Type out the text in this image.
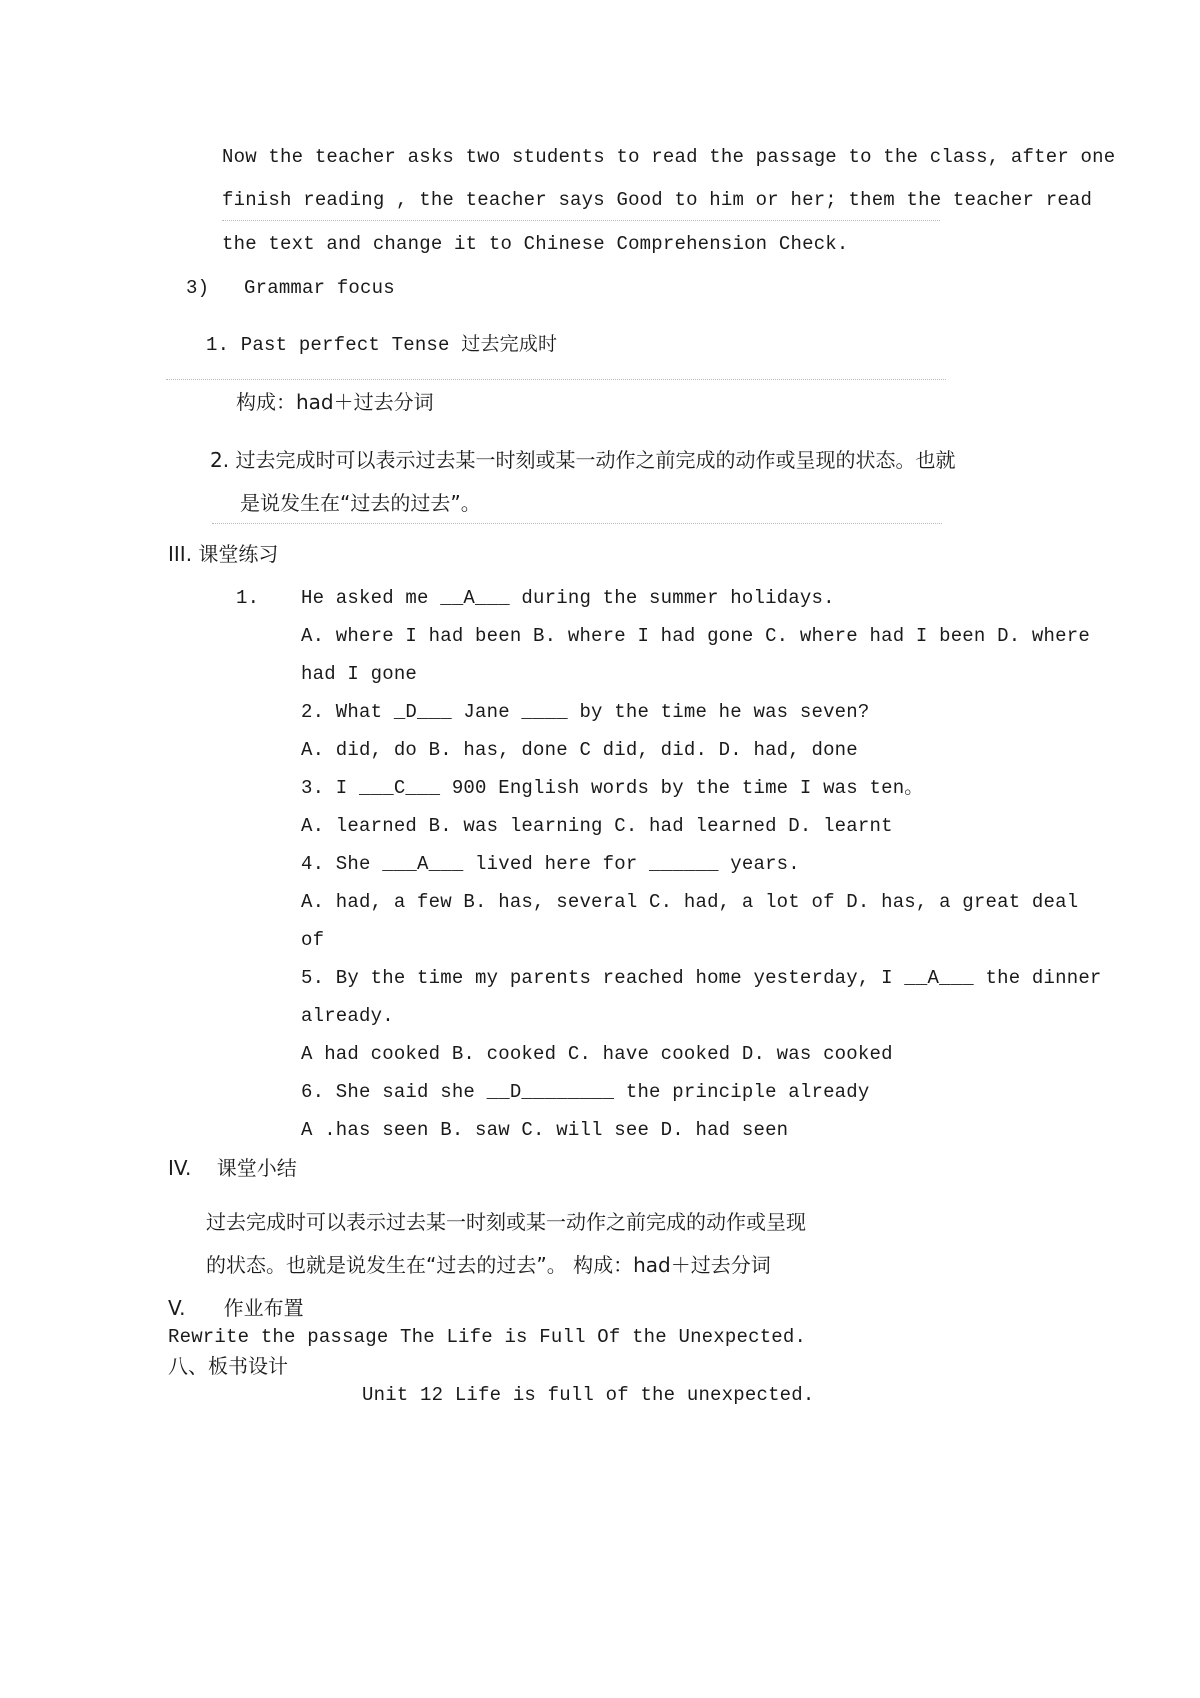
Now the teacher asks two students to read the passage to the class, after one
finish reading , the teacher says Good to him or her; them the teacher read
the text and change it to Chinese Comprehension Check.
3)   Grammar focus
1. Past perfect Tense 过去完成时
构成：had＋过去分词
2. 过去完成时可以表示过去某一时刻或某一动作之前完成的动作或呈现的状态。也就
是说发生在“过去的过去”。
III. 课堂练习
1. He asked me __A___ during the summer holidays.
A. where I had been B. where I had gone C. where had I been D. where
had I gone
2. What _D___ Jane ____ by the time he was seven?
A. did, do B. has, done C did, did. D. had, done
3. I ___C___ 900 English words by the time I was ten。
A. learned B. was learning C. had learned D. learnt
4. She ___A___ lived here for ______ years.
A. had, a few B. has, several C. had, a lot of D. has, a great deal
of
5. By the time my parents reached home yesterday, I __A___ the dinner
already.
A had cooked B. cooked C. have cooked D. was cooked
6. She said she __D________ the principle already
A .has seen B. saw C. will see D. had seen
IV.    课堂小结
过去完成时可以表示过去某一时刻或某一动作之前完成的动作或呈现
的状态。也就是说发生在“过去的过去”。 构成：had＋过去分词
V.      作业布置
Rewrite the passage The Life is Full Of the Unexpected.
八、板书设计
Unit 12 Life is full of the unexpected.
